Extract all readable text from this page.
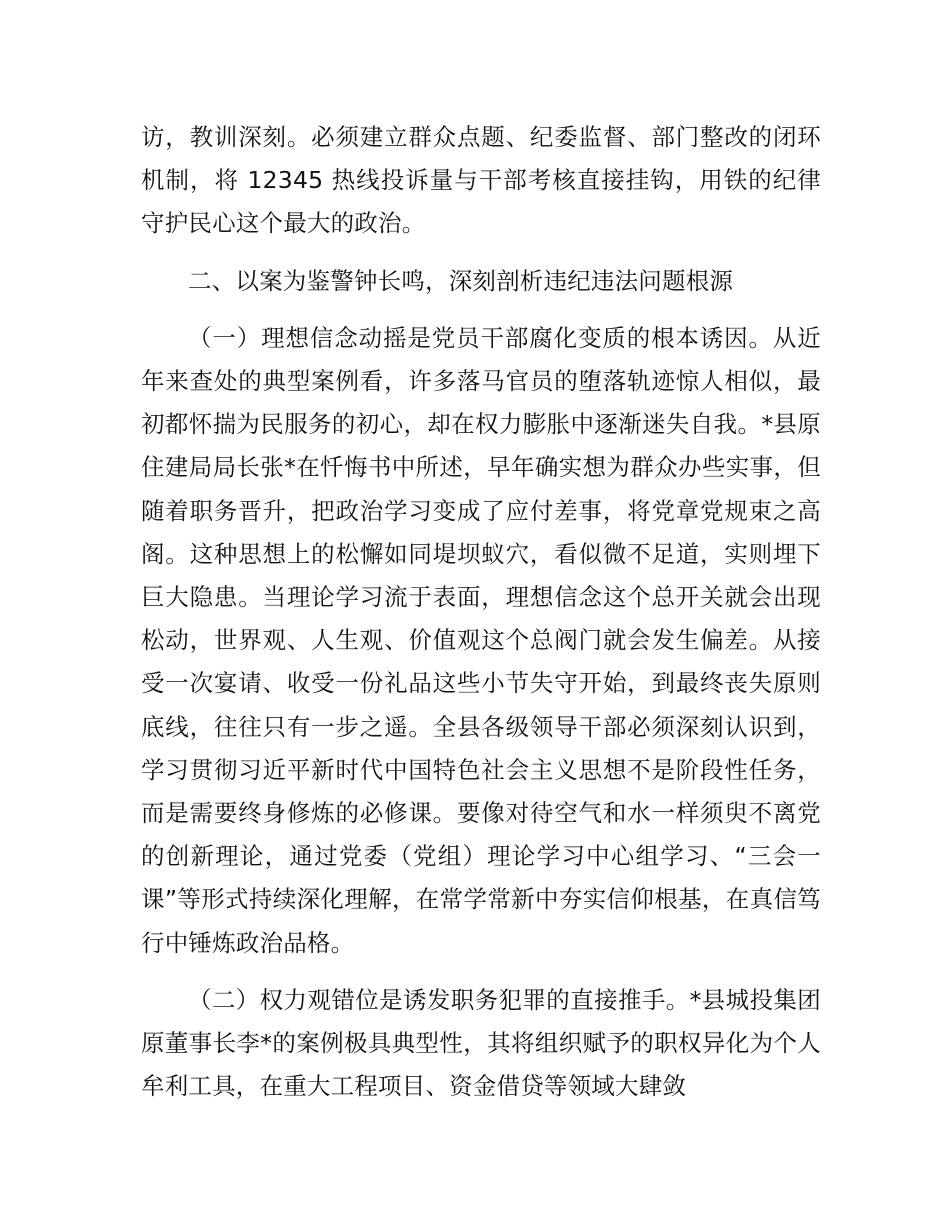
访，教训深刻。必须建立群众点题、纪委监督、部门整改的闭环机制，将 12345 热线投诉量与干部考核直接挂钩，用铁的纪律守护民心这个最大的政治。

二、以案为鉴警钟长鸣，深刻剖析违纪违法问题根源

（一）理想信念动摇是党员干部腐化变质的根本诱因。从近年来查处的典型案例看，许多落马官员的堕落轨迹惊人相似，最初都怀揣为民服务的初心，却在权力膨胀中逐渐迷失自我。*县原住建局局长张*在忏悔书中所述，早年确实想为群众办些实事，但随着职务晋升，把政治学习变成了应付差事，将党章党规束之高阁。这种思想上的松懈如同堤坝蚁穴，看似微不足道，实则埋下巨大隐患。当理论学习流于表面，理想信念这个总开关就会出现松动，世界观、人生观、价值观这个总阀门就会发生偏差。从接受一次宴请、收受一份礼品这些小节失守开始，到最终丧失原则底线，往往只有一步之遥。全县各级领导干部必须深刻认识到，学习贯彻习近平新时代中国特色社会主义思想不是阶段性任务，而是需要终身修炼的必修课。要像对待空气和水一样须臾不离党的创新理论，通过党委（党组）理论学习中心组学习、“三会一课”等形式持续深化理解，在常学常新中夯实信仰根基，在真信笃行中锤炼政治品格。

（二）权力观错位是诱发职务犯罪的直接推手。*县城投集团原董事长李*的案例极具典型性，其将组织赋予的职权异化为个人牟利工具，在重大工程项目、资金借贷等领域大肆敛
